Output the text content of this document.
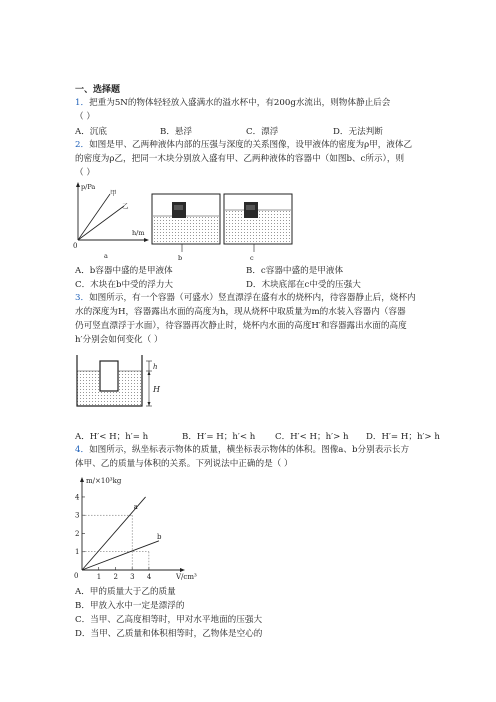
一、选择题
1．把重为5N的物体轻轻放入盛满水的溢水杯中，有200g水流出，则物体静止后会
（ ）
A．沉底	B．悬浮	C．漂浮	D．无法判断
2．如图是甲、乙两种液体内部的压强与深度的关系图像，设甲液体的密度为ρ甲，液体乙
的密度为ρ乙，把同一木块分别放入盛有甲、乙两种液体的容器中（如图b、c所示），则
（ ）
p/Pa
甲
乙
h/m
0
a	b	c
A．b容器中盛的是甲液体	B．c容器中盛的是甲液体
C．木块在b中受的浮力大	D．木块底部在c中受的压强大
3．如图所示，有一个容器（可盛水）竖直漂浮在盛有水的烧杯内，待容器静止后，烧杯内
水的深度为H，容器露出水面的高度为h，现从烧杯中取质量为m的水装入容器内（容器
仍可竖直漂浮于水面），待容器再次静止时，烧杯内水面的高度H′和容器露出水面的高度
h′分别会如何变化（ ）
h
H
A．H′< H；h′= h	B．H′= H；h′< h C．H′< H；h′> h D．H′= H；h′> h
4．如图所示，纵坐标表示物体的质量，横坐标表示物体的体积。图像a、b分别表示长方
体甲、乙的质量与体积的关系。下列说法中正确的是（ ）
1
2
3
4
1 2 3 4
a
b
m/×10³kg
V/cm³
0
A．甲的质量大于乙的质量
B．甲放入水中一定是漂浮的
C．当甲、乙高度相等时，甲对水平地面的压强大
D．当甲、乙质量和体积相等时，乙物体是空心的
